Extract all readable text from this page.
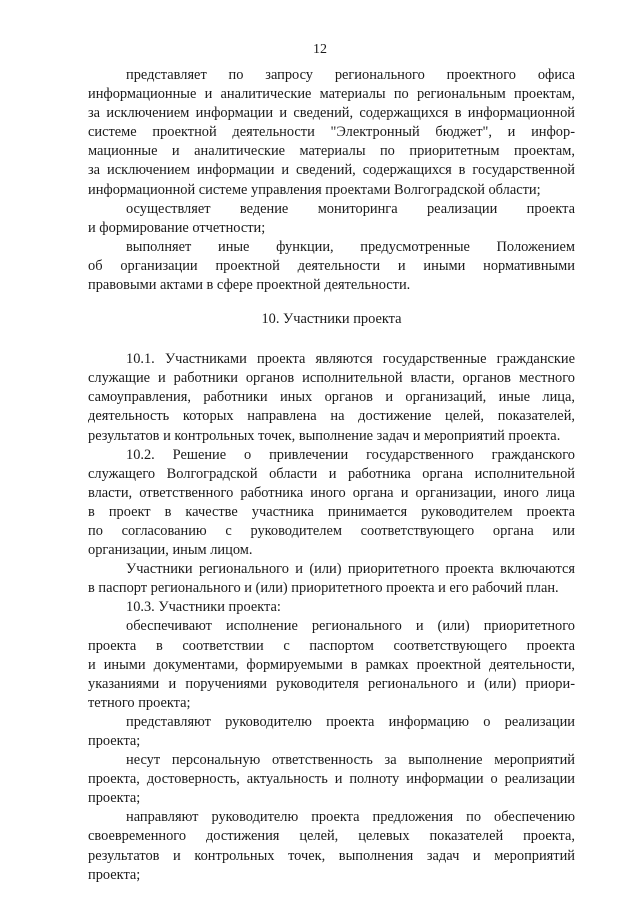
12
представляет по запросу регионального проектного офиса
информационные и аналитические материалы по региональным проектам,
за исключением информации и сведений, содержащихся в информационной
системе проектной деятельности "Электронный бюджет", и инфор-
мационные и аналитические материалы по приоритетным проектам,
за исключением информации и сведений, содержащихся в государственной
информационной системе управления проектами Волгоградской области;
осуществляет ведение мониторинга реализации проекта
и формирование отчетности;
выполняет иные функции, предусмотренные Положением
об организации проектной деятельности и иными нормативными
правовыми актами в сфере проектной деятельности.
10. Участники проекта
10.1. Участниками проекта являются государственные гражданские
служащие и работники органов исполнительной власти, органов местного
самоуправления, работники иных органов и организаций, иные лица,
деятельность которых направлена на достижение целей, показателей,
результатов и контрольных точек, выполнение задач и мероприятий проекта.
10.2. Решение о привлечении государственного гражданского
служащего Волгоградской области и работника органа исполнительной
власти, ответственного работника иного органа и организации, иного лица
в проект в качестве участника принимается руководителем проекта
по согласованию с руководителем соответствующего органа или
организации, иным лицом.
Участники регионального и (или) приоритетного проекта включаются
в паспорт регионального и (или) приоритетного проекта и его рабочий план.
10.3. Участники проекта:
обеспечивают исполнение регионального и (или) приоритетного
проекта в соответствии с паспортом соответствующего проекта
и иными документами, формируемыми в рамках проектной деятельности,
указаниями и поручениями руководителя регионального и (или) приори-
тетного проекта;
представляют руководителю проекта информацию о реализации
проекта;
несут персональную ответственность за выполнение мероприятий
проекта, достоверность, актуальность и полноту информации о реализации
проекта;
направляют руководителю проекта предложения по обеспечению
своевременного достижения целей, целевых показателей проекта,
результатов и контрольных точек, выполнения задач и мероприятий
проекта;
